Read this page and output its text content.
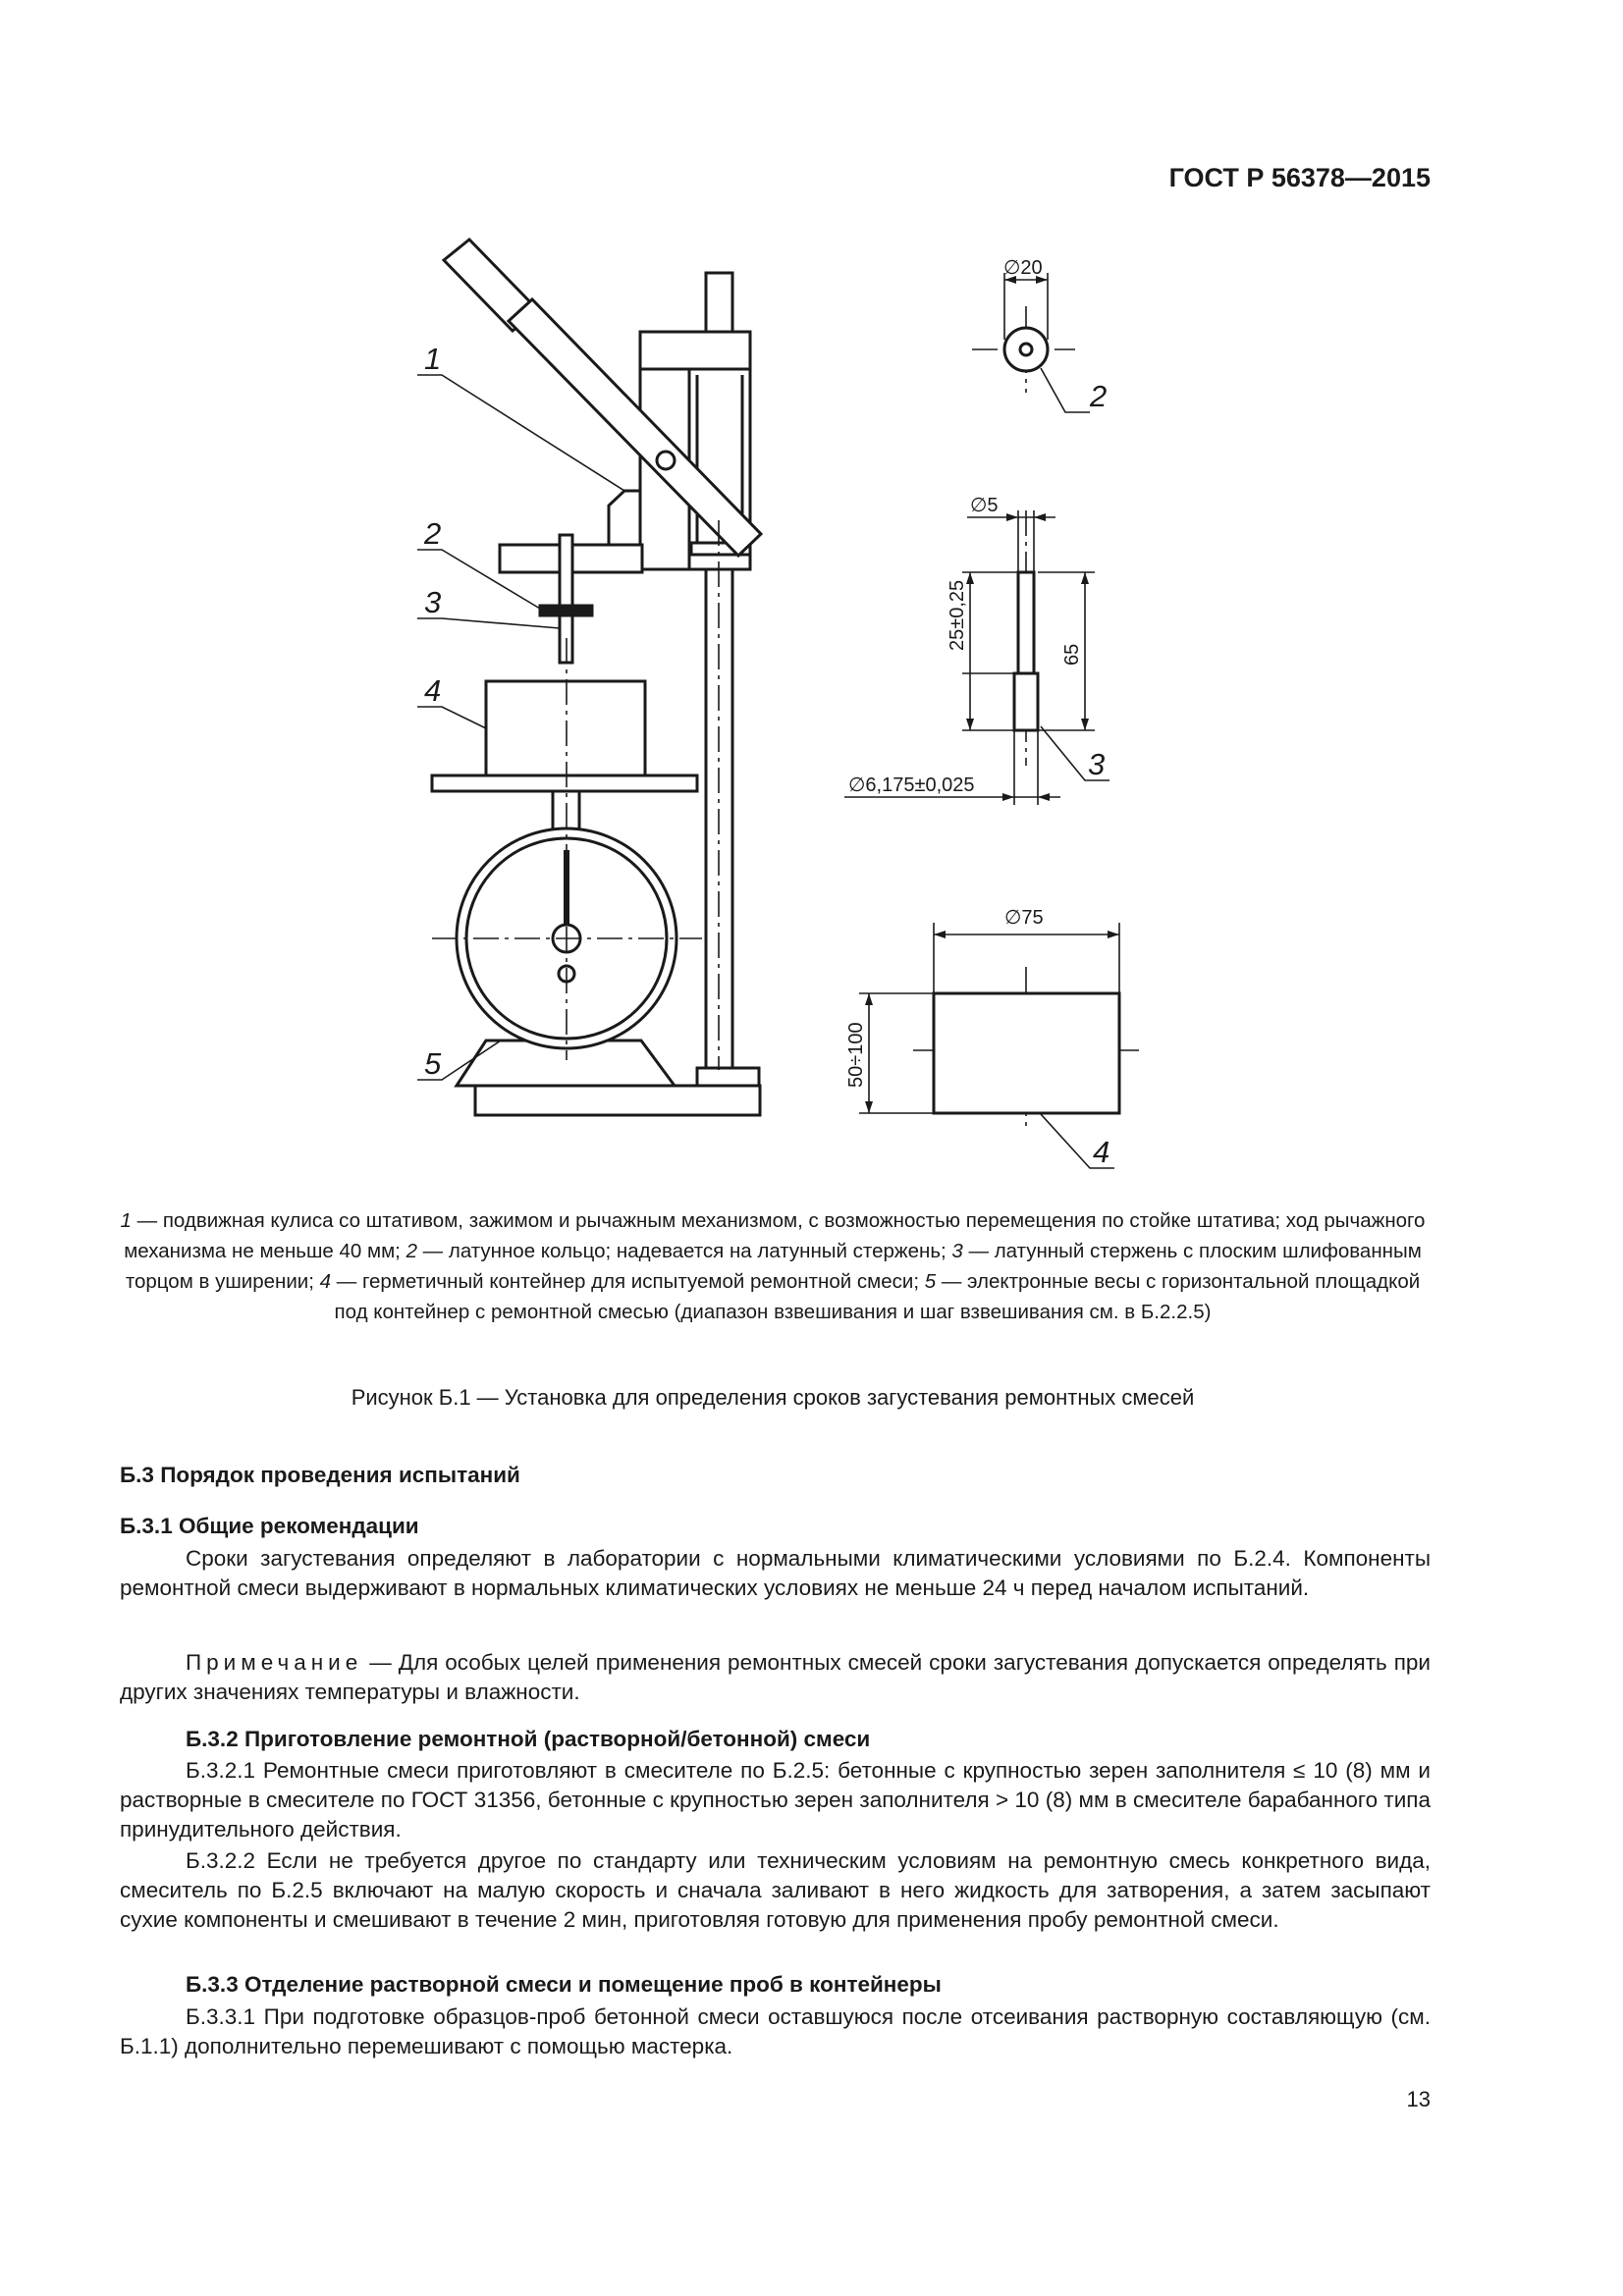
ГОСТ Р 56378—2015
1
2
3
4
5
2
3
4
∅20
∅5
25±0,25
65
∅6,175±0,025
∅75
50÷100
1 — подвижная кулиса со штативом, зажимом и рычажным механизмом, с возможностью перемещения по стойке штатива; ход рычажного механизма не меньше 40 мм; 2 — латунное кольцо; надевается на латунный стержень; 3 — латунный стержень с плоским шлифованным торцом в уширении; 4 — герметичный контейнер для испытуемой ремонтной смеси; 5 — электронные весы с горизонтальной площадкой под контейнер с ремонтной смесью (диапазон взвешивания и шаг взвешивания см. в Б.2.2.5)
Рисунок Б.1 — Установка для определения сроков загустевания ремонтных смесей
Б.3 Порядок проведения испытаний
Б.3.1 Общие рекомендации
Сроки загустевания определяют в лаборатории с нормальными климатическими условиями по Б.2.4. Компоненты ремонтной смеси выдерживают в нормальных климатических условиях не меньше 24 ч перед началом испытаний.
Примечание — Для особых целей применения ремонтных смесей сроки загустевания допускается определять при других значениях температуры и влажности.
Б.3.2 Приготовление ремонтной (растворной/бетонной) смеси
Б.3.2.1 Ремонтные смеси приготовляют в смесителе по Б.2.5: бетонные с крупностью зерен заполнителя ≤ 10 (8) мм и растворные в смесителе по ГОСТ 31356, бетонные с крупностью зерен заполнителя > 10 (8) мм в смесителе барабанного типа принудительного действия.
Б.3.2.2 Если не требуется другое по стандарту или техническим условиям на ремонтную смесь конкретного вида, смеситель по Б.2.5 включают на малую скорость и сначала заливают в него жидкость для затворения, а затем засыпают сухие компоненты и смешивают в течение 2 мин, приготовляя готовую для применения пробу ремонтной смеси.
Б.3.3 Отделение растворной смеси и помещение проб в контейнеры
Б.3.3.1 При подготовке образцов-проб бетонной смеси оставшуюся после отсеивания растворную составляющую (см. Б.1.1) дополнительно перемешивают с помощью мастерка.
13
